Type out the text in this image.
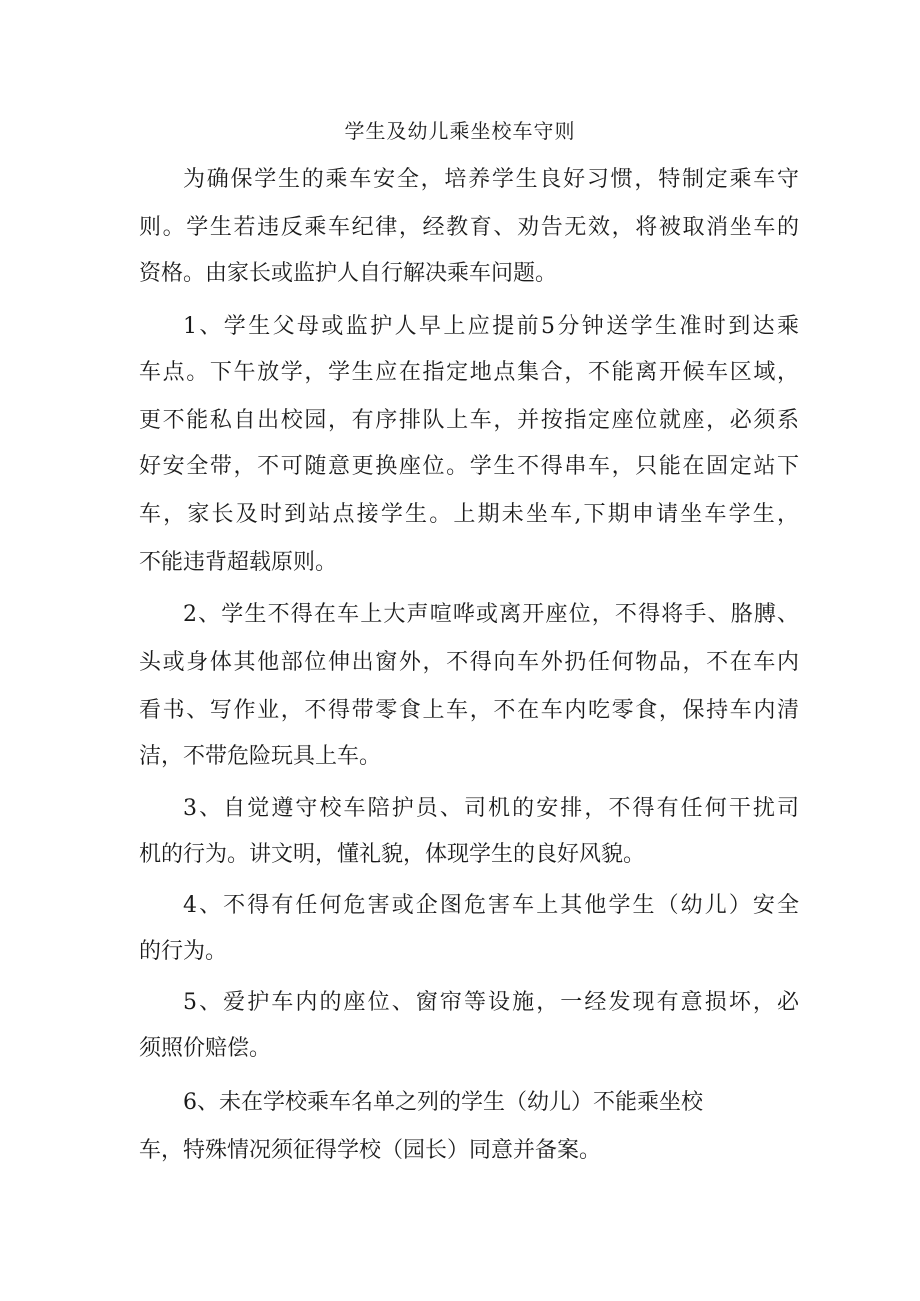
学生及幼儿乘坐校车守则
为确保学生的乘车安全，培养学生良好习惯，特制定乘车守
则。学生若违反乘车纪律，经教育、劝告无效，将被取消坐车的
资格。由家长或监护人自行解决乘车问题。
1、学生父母或监护人早上应提前5分钟送学生准时到达乘
车点。下午放学，学生应在指定地点集合，不能离开候车区域，
更不能私自出校园，有序排队上车，并按指定座位就座，必须系
好安全带，不可随意更换座位。学生不得串车，只能在固定站下
车，家长及时到站点接学生。上期未坐车,下期申请坐车学生，
不能违背超载原则。
2、学生不得在车上大声喧哗或离开座位，不得将手、胳膊、
头或身体其他部位伸出窗外，不得向车外扔任何物品，不在车内
看书、写作业，不得带零食上车，不在车内吃零食，保持车内清
洁，不带危险玩具上车。
3、自觉遵守校车陪护员、司机的安排，不得有任何干扰司
机的行为。讲文明，懂礼貌，体现学生的良好风貌。
4、不得有任何危害或企图危害车上其他学生（幼儿）安全
的行为。
5、爱护车内的座位、窗帘等设施，一经发现有意损坏，必
须照价赔偿。
6、未在学校乘车名单之列的学生（幼儿）不能乘坐校
车，特殊情况须征得学校（园长）同意并备案。
